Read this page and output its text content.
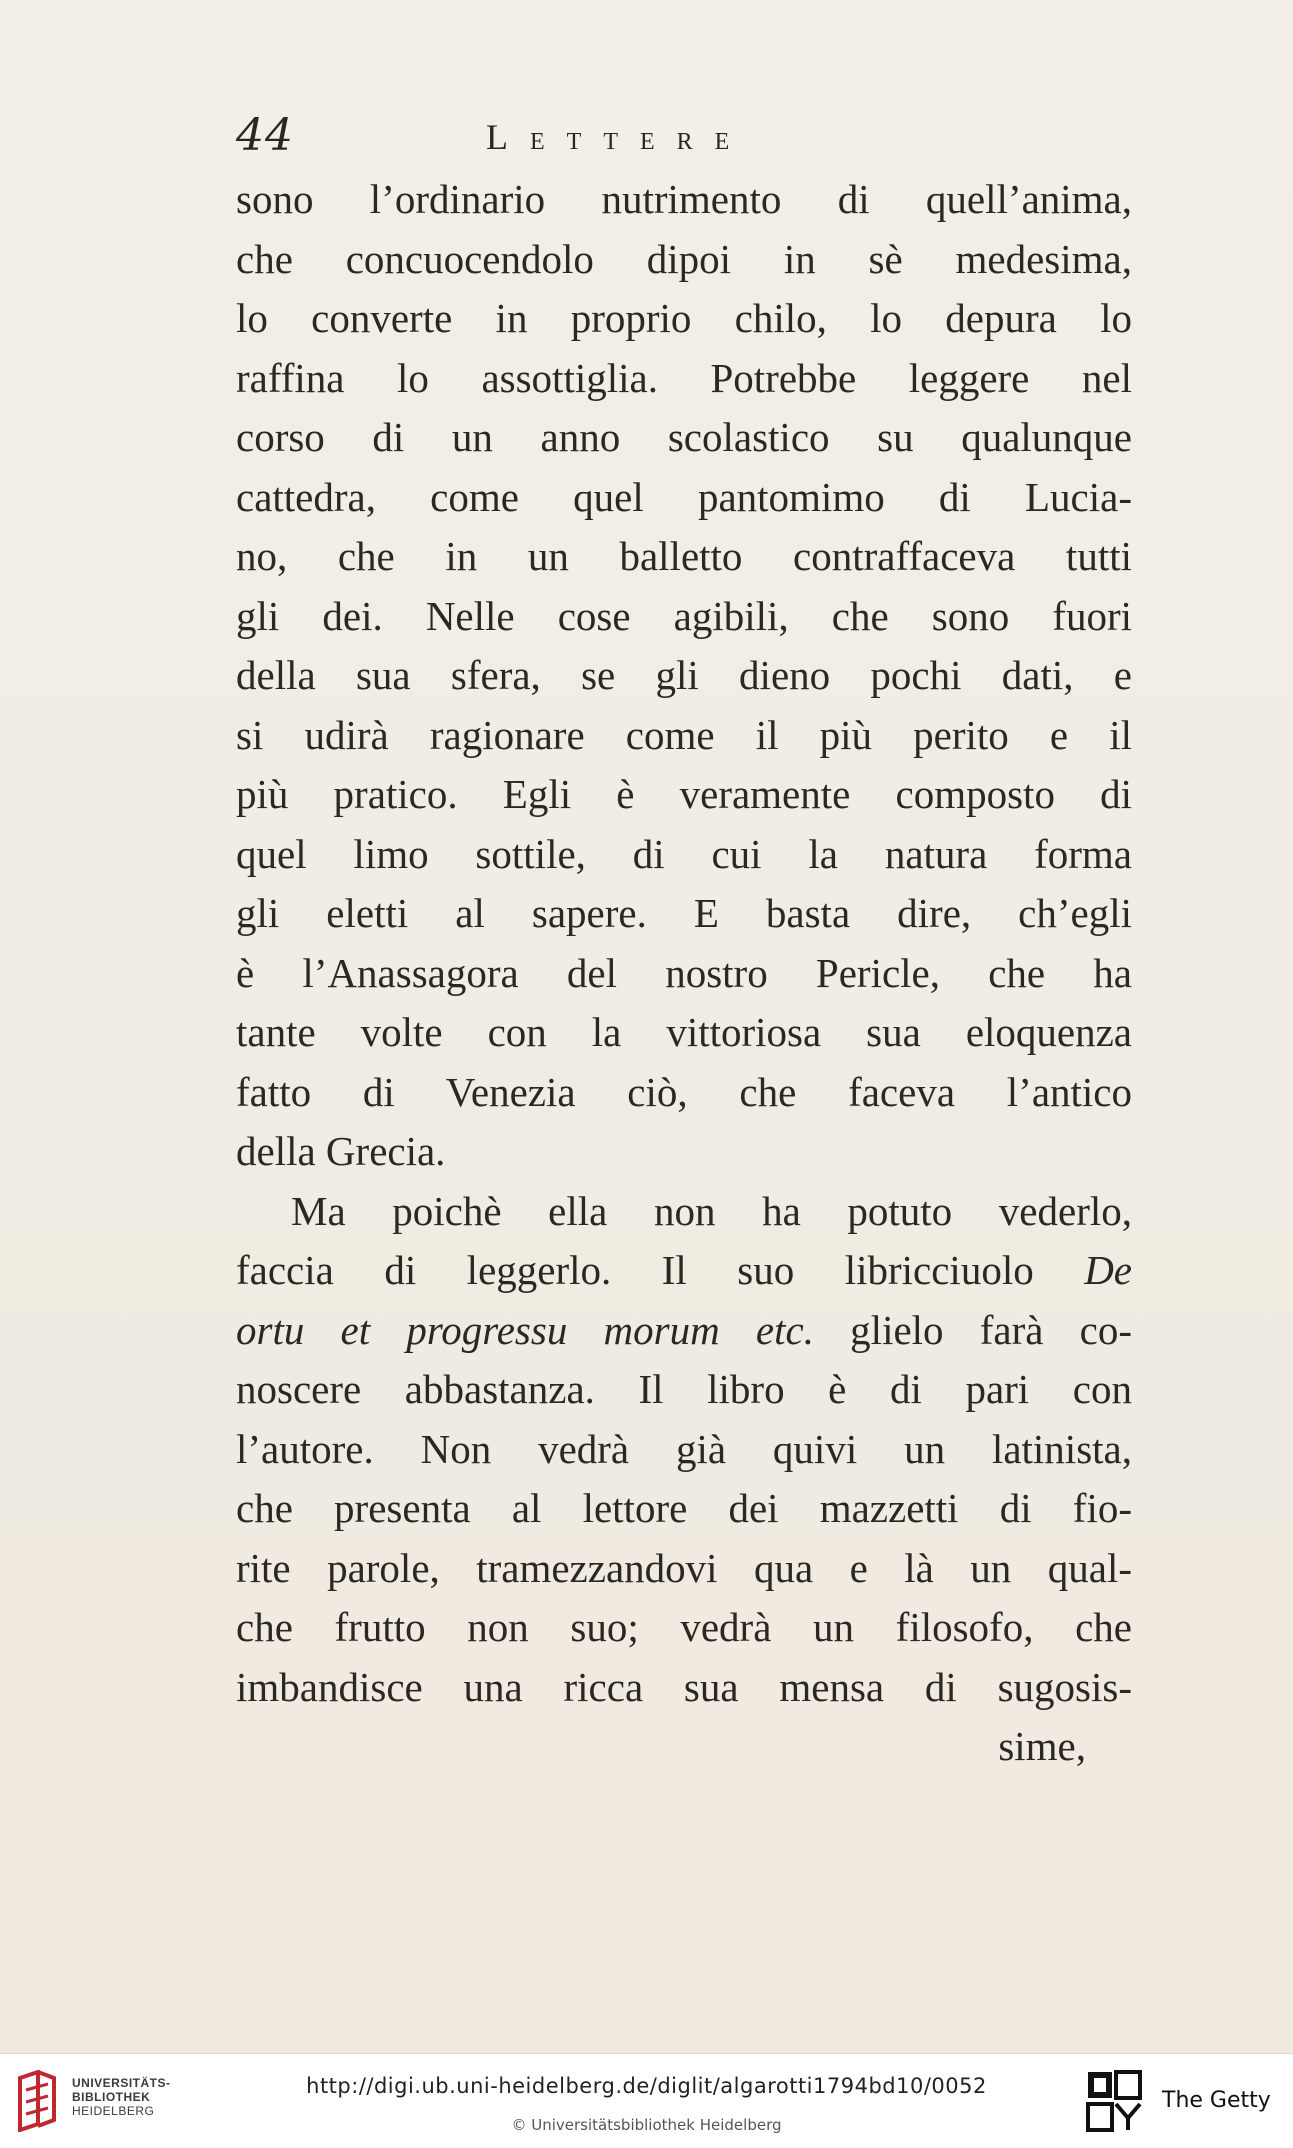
44	LETTERE
sono l’ordinario nutrimento di quell’anima,
che concuocendolo dipoi in sè medesima,
lo converte in proprio chilo, lo depura lo
raffina lo assottiglia. Potrebbe leggere nel
corso di un anno scolastico su qualunque
cattedra, come quel pantomimo di Lucia-
no, che in un balletto contraffaceva tutti
gli dei. Nelle cose agibili, che sono fuori
della sua sfera, se gli dieno pochi dati, e
si udirà ragionare come il più perito e il
più pratico. Egli è veramente composto di
quel limo sottile, di cui la natura forma
gli eletti al sapere. E basta dire, ch’egli
è l’Anassagora del nostro Pericle, che ha
tante volte con la vittoriosa sua eloquenza
fatto di Venezia ciò, che faceva l’antico
della Grecia.
Ma poichè ella non ha potuto vederlo,
faccia di leggerlo. Il suo libricciuolo De
ortu et progressu morum etc. glielo farà co-
noscere abbastanza. Il libro è di pari con
l’autore. Non vedrà già quivi un latinista,
che presenta al lettore dei mazzetti di fio-
rite parole, tramezzandovi qua e là un qual-
che frutto non suo; vedrà un filosofo, che
imbandisce una ricca sua mensa di sugosis-
sime,
UNIVERSITÄTS-
BIBLIOTHEK
HEIDELBERG
http://digi.ub.uni-heidelberg.de/diglit/algarotti1794bd10/0052
© Universitätsbibliothek Heidelberg
The Getty
